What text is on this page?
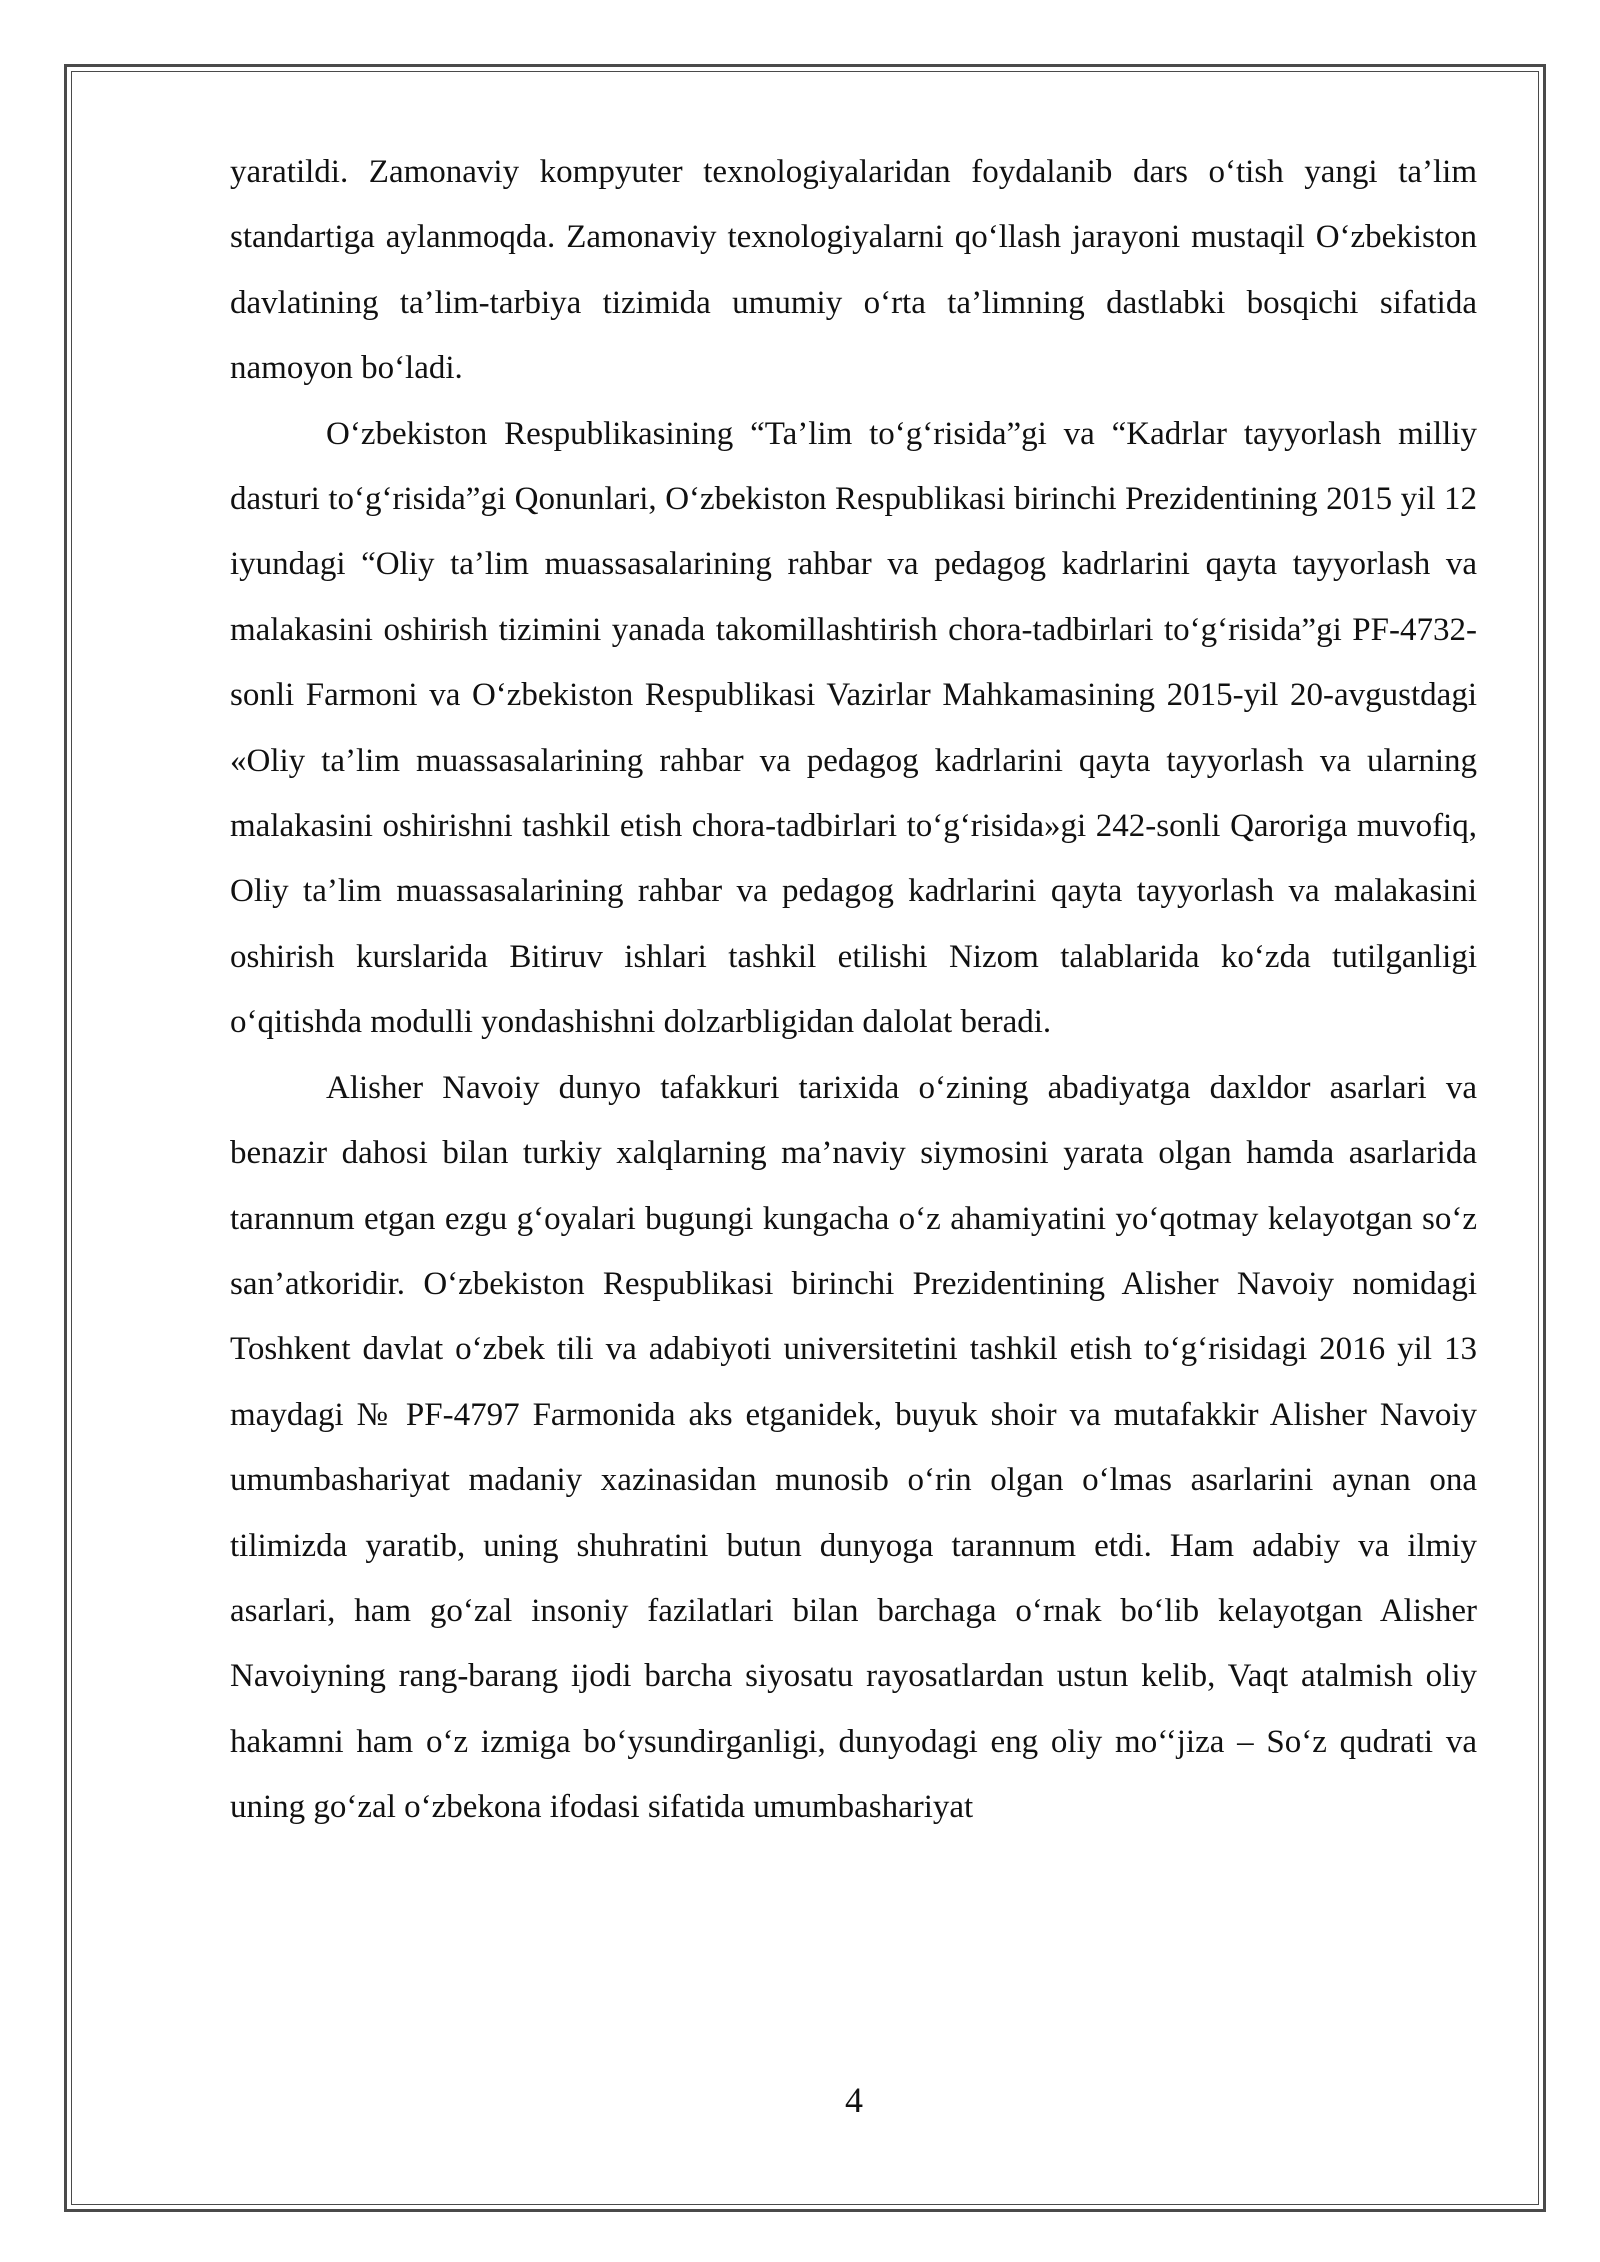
yaratildi. Zamonaviy kompyuter texnologiyalaridan foydalanib dars o‘tish yangi ta’lim standartiga aylanmoqda. Zamonaviy texnologiyalarni qo‘llash jarayoni mustaqil O‘zbekiston davlatining ta’lim-tarbiya tizimida umumiy o‘rta ta’limning dastlabki bosqichi sifatida namoyon bo‘ladi.

O‘zbekiston Respublikasining “Ta’lim to‘g‘risida”gi va “Kadrlar tayyorlash milliy dasturi to‘g‘risida”gi Qonunlari, O‘zbekiston Respublikasi birinchi Prezidentining 2015 yil 12 iyundagi “Oliy ta’lim muassasalarining rahbar va pedagog kadrlarini qayta tayyorlash va malakasini oshirish tizimini yanada takomillashtirish chora-tadbirlari to‘g‘risida”gi PF-4732-sonli Farmoni va O‘zbekiston Respublikasi Vazirlar Mahkamasining 2015-yil 20-avgustdagi «Oliy ta’lim muassasalarining rahbar va pedagog kadrlarini qayta tayyorlash va ularning malakasini oshirishni tashkil etish chora-tadbirlari to‘g‘risida»gi 242-sonli Qaroriga muvofiq, Oliy ta’lim muassasalarining rahbar va pedagog kadrlarini qayta tayyorlash va malakasini oshirish kurslarida Bitiruv ishlari tashkil etilishi Nizom talablarida ko‘zda tutilganligi o‘qitishda modulli yondashishni dolzarbligidan dalolat beradi.

Alisher Navoiy dunyo tafakkuri tarixida o‘zining abadiyatga daxldor asarlari va benazir dahosi bilan turkiy xalqlarning ma’naviy siymosini yarata olgan hamda asarlarida tarannum etgan ezgu g‘oyalari bugungi kungacha o‘z ahamiyatini yo‘qotmay kelayotgan so‘z san’atkoridir. O‘zbekiston Respublikasi birinchi Prezidentining Alisher Navoiy nomidagi Toshkent davlat o‘zbek tili va adabiyoti universitetini tashkil etish to‘g‘risidagi 2016 yil 13 maydagi № PF-4797 Farmonida aks etganidek, buyuk shoir va mutafakkir Alisher Navoiy umumbashariyat madaniy xazinasidan munosib o‘rin olgan o‘lmas asarlarini aynan ona tilimizda yaratib, uning shuhratini butun dunyoga tarannum etdi. Ham adabiy va ilmiy asarlari, ham go‘zal insoniy fazilatlari bilan barchaga o‘rnak bo‘lib kelayotgan Alisher Navoiyning rang-barang ijodi barcha siyosatu rayosatlardan ustun kelib, Vaqt atalmish oliy hakamni ham o‘z izmiga bo‘ysundirganligi, dunyodagi eng oliy mo‘‘jiza – So‘z qudrati va uning go‘zal o‘zbekona ifodasi sifatida umumbashariyat

4
